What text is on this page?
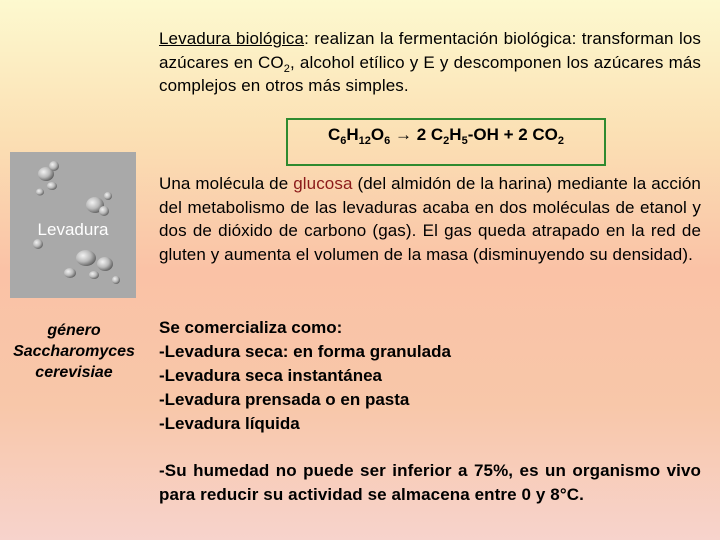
Levadura biológica: realizan la fermentación biológica: transforman los azúcares en $CO_2$, alcohol etílico y E y descomponen los azúcares más complejos en otros más simples.
$C_6H_{12}O_6 \to 2$ $C_2H_5-OH + 2$ $CO_2$
Levadura
Una molécula de glucosa (del almidón de la harina) mediante la acción del metabolismo de las levaduras acaba en dos moléculas de etanol y dos de dióxido de carbono (gas). El gas queda atrapado en la red de gluten y aumenta el volumen de la masa (disminuyendo su densidad).
género
Saccharomyces
cerevisiae
Se comercializa como:
-Levadura seca: en forma granulada
-Levadura seca instantánea
-Levadura prensada o en pasta
-Levadura líquida
-Su humedad no puede ser inferior a 75%, es un organismo vivo para reducir su actividad se almacena entre 0 y 8°C.
